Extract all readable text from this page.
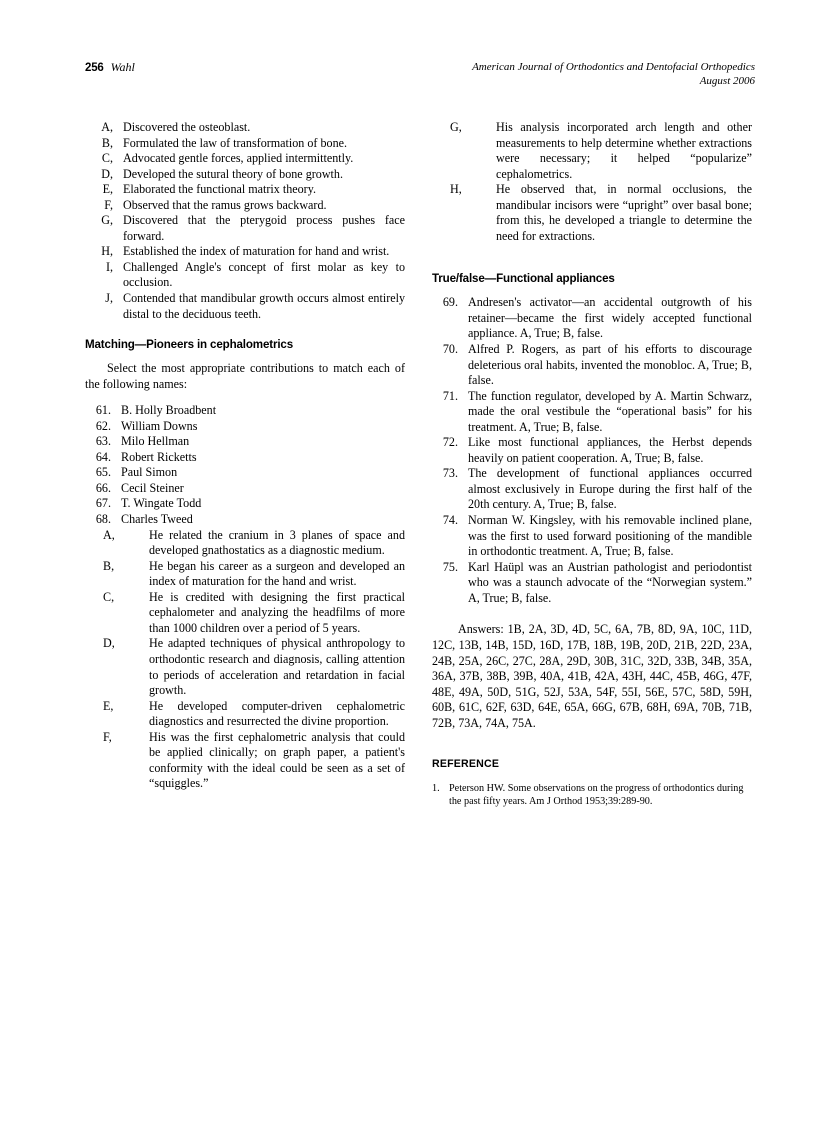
256 Wahl	American Journal of Orthodontics and Dentofacial Orthopedics
August 2006
A, Discovered the osteoblast.
B, Formulated the law of transformation of bone.
C, Advocated gentle forces, applied intermittently.
D, Developed the sutural theory of bone growth.
E, Elaborated the functional matrix theory.
F, Observed that the ramus grows backward.
G, Discovered that the pterygoid process pushes face forward.
H, Established the index of maturation for hand and wrist.
I, Challenged Angle's concept of first molar as key to occlusion.
J, Contended that mandibular growth occurs almost entirely distal to the deciduous teeth.
Matching—Pioneers in cephalometrics

Select the most appropriate contributions to match each of the following names:

61. B. Holly Broadbent
62. William Downs
63. Milo Hellman
64. Robert Ricketts
65. Paul Simon
66. Cecil Steiner
67. T. Wingate Todd
68. Charles Tweed
A,	He related the cranium in 3 planes of space and developed gnathostatics as a diagnostic medium.
B,	He began his career as a surgeon and developed an index of maturation for the hand and wrist.
C,	He is credited with designing the first practical cephalometer and analyzing the headfilms of more than 1000 children over a period of 5 years.
D,	He adapted techniques of physical anthropology to orthodontic research and diagnosis, calling attention to periods of acceleration and retardation in facial growth.
E,	He developed computer-driven cephalometric diagnostics and resurrected the divine proportion.
F,	His was the first cephalometric analysis that could be applied clinically; on graph paper, a patient's conformity with the ideal could be seen as a set of “squiggles.”
G,	His analysis incorporated arch length and other measurements to help determine whether extractions were necessary; it helped “popularize” cephalometrics.
H,	He observed that, in normal occlusions, the mandibular incisors were “upright” over basal bone; from this, he developed a triangle to determine the need for extractions.
True/false—Functional appliances
69. Andresen's activator—an accidental outgrowth of his retainer—became the first widely accepted functional appliance. A, True; B, false.
70. Alfred P. Rogers, as part of his efforts to discourage deleterious oral habits, invented the monobloc. A, True; B, false.
71. The function regulator, developed by A. Martin Schwarz, made the oral vestibule the “operational basis” for his treatment. A, True; B, false.
72. Like most functional appliances, the Herbst depends heavily on patient cooperation. A, True; B, false.
73. The development of functional appliances occurred almost exclusively in Europe during the first half of the 20th century. A, True; B, false.
74. Norman W. Kingsley, with his removable inclined plane, was the first to used forward positioning of the mandible in orthodontic treatment. A, True; B, false.
75. Karl Haüpl was an Austrian pathologist and periodontist who was a staunch advocate of the “Norwegian system.” A, True; B, false.
Answers: 1B, 2A, 3D, 4D, 5C, 6A, 7B, 8D, 9A, 10C, 11D, 12C, 13B, 14B, 15D, 16D, 17B, 18B, 19B, 20D, 21B, 22D, 23A, 24B, 25A, 26C, 27C, 28A, 29D, 30B, 31C, 32D, 33B, 34B, 35A, 36A, 37B, 38B, 39B, 40A, 41B, 42A, 43H, 44C, 45B, 46G, 47F, 48E, 49A, 50D, 51G, 52J, 53A, 54F, 55I, 56E, 57C, 58D, 59H, 60B, 61C, 62F, 63D, 64E, 65A, 66G, 67B, 68H, 69A, 70B, 71B, 72B, 73A, 74A, 75A.
REFERENCE
1. Peterson HW. Some observations on the progress of orthodontics during the past fifty years. Am J Orthod 1953;39:289-90.
